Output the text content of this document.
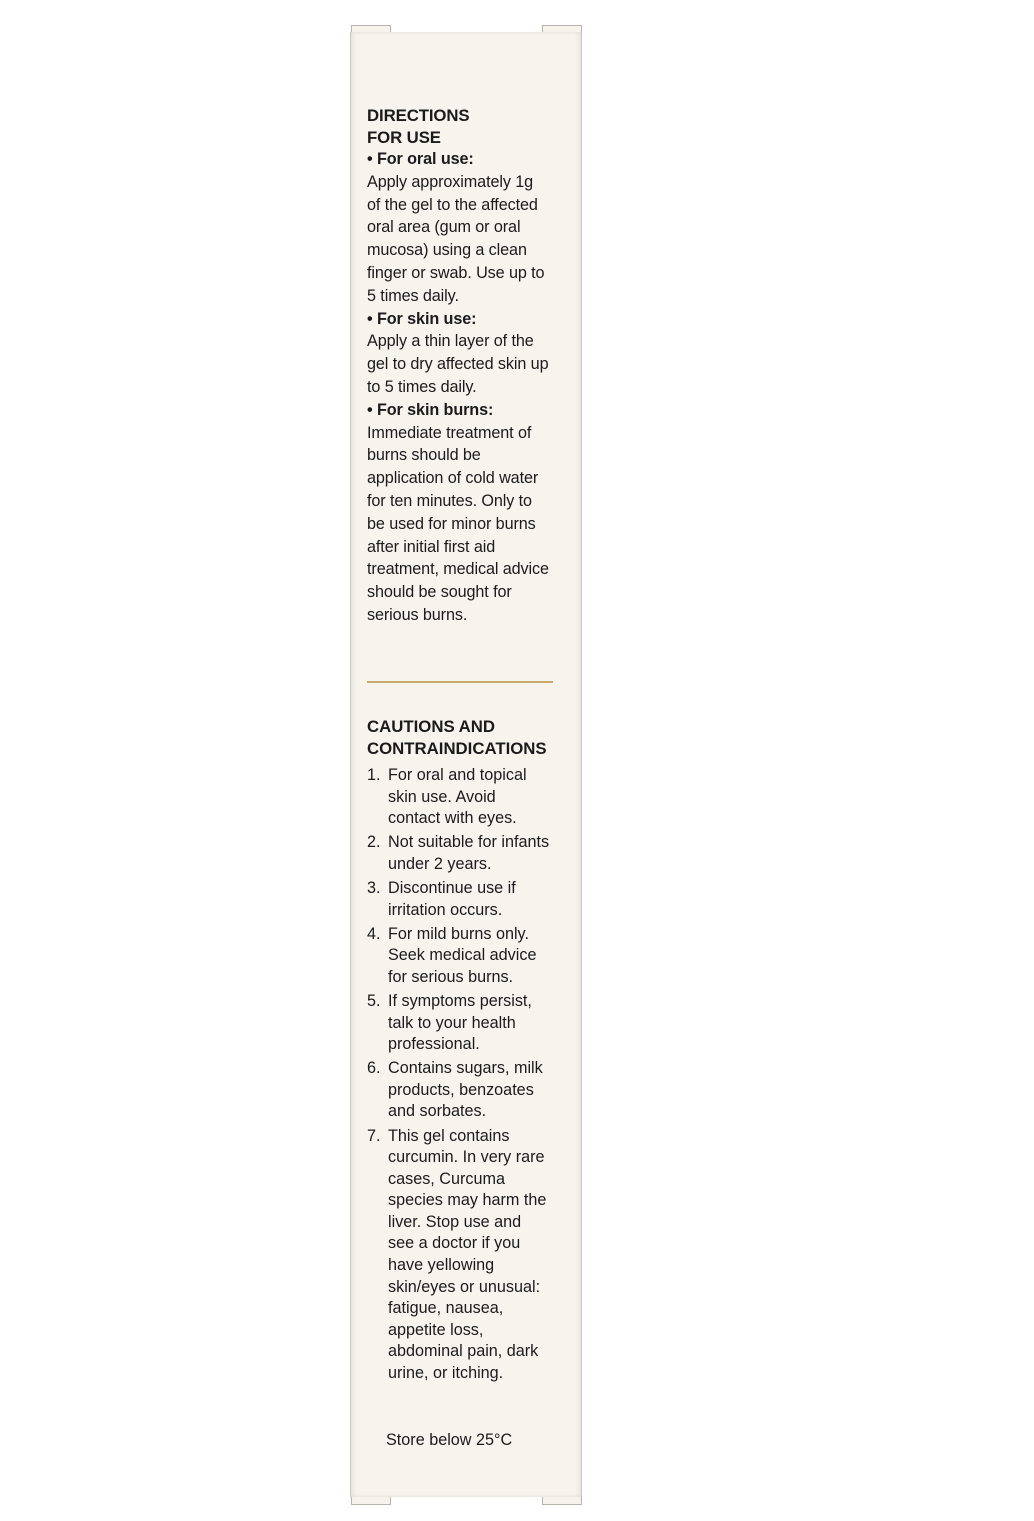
DIRECTIONS
FOR USE
• For oral use:
Apply approximately 1g of the gel to the affected oral area (gum or oral mucosa) using a clean finger or swab. Use up to 5 times daily.
• For skin use:
Apply a thin layer of the gel to dry affected skin up to 5 times daily.
• For skin burns:
Immediate treatment of burns should be application of cold water for ten minutes. Only to be used for minor burns after initial first aid treatment, medical advice should be sought for serious burns.
CAUTIONS AND
CONTRAINDICATIONS
1. For oral and topical skin use. Avoid contact with eyes.
2. Not suitable for infants under 2 years.
3. Discontinue use if irritation occurs.
4. For mild burns only. Seek medical advice for serious burns.
5. If symptoms persist, talk to your health professional.
6. Contains sugars, milk products, benzoates and sorbates.
7. This gel contains curcumin. In very rare cases, Curcuma species may harm the liver. Stop use and see a doctor if you have yellowing skin/eyes or unusual: fatigue, nausea, appetite loss, abdominal pain, dark urine, or itching.
Store below 25°C
